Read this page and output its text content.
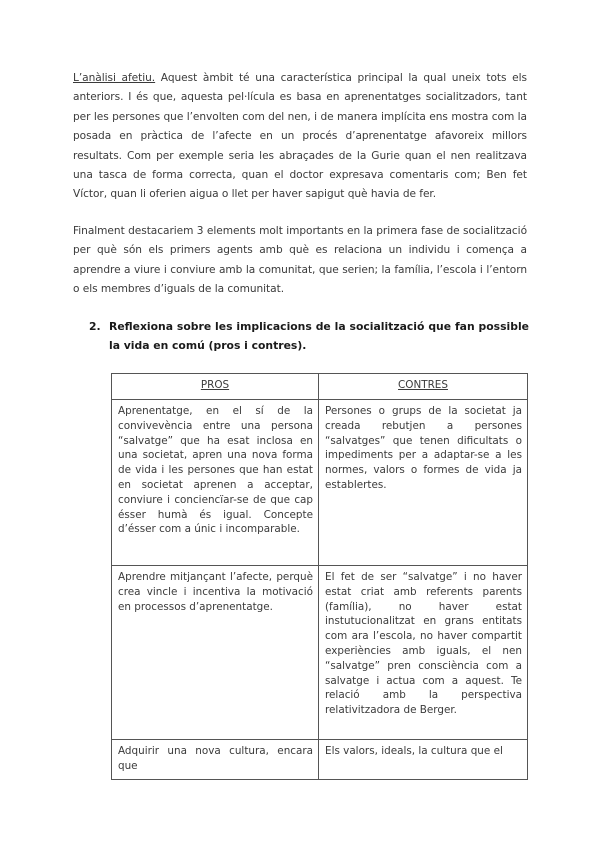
L’anàlisi afetiu. Aquest àmbit té una característica principal la qual uneix tots els anteriors. I és que, aquesta pel·lícula es basa en aprenentatges socialitzadors, tant per les persones que l’envolten com del nen, i de manera implícita ens mostra com la posada en pràctica de l’afecte en un procés d’aprenentatge afavoreix millors resultats. Com per exemple seria les abraçades de la Gurie quan el nen realitzava una tasca de forma correcta, quan el doctor expresava comentaris com; Ben fet Víctor, quan li oferien aigua o llet per haver sapigut què havia de fer.

Finalment destacariem 3 elements molt importants en la primera fase de socialització per què són els primers agents amb què es relaciona un individu i comença a aprendre a viure i conviure amb la comunitat, que serien; la família, l’escola i l’entorn o els membres d’iguals de la comunitat.

2. Reflexiona sobre les implicacions de la socialització que fan possible la vida en comú (pros i contres).
PROS	CONTRES
Aprenentatge, en el sí de la convivevència entre una persona “salvatge” que ha esat inclosa en una societat, apren una nova forma de vida i les persones que han estat en societat aprenen a acceptar, conviure i conciencïar-se de que cap ésser humà és igual. Concepte d’ésser com a únic i incomparable.	Persones o grups de la societat ja creada rebutjen a persones “salvatges” que tenen dificultats o impediments per a adaptar-se a les normes, valors o formes de vida ja establertes.
Aprendre mitjançant l’afecte, perquè crea vincle i incentiva la motivació en processos d’aprenentatge.	El fet de ser “salvatge” i no haver estat criat amb referents parents (família), no haver estat instutucionalitzat en grans entitats com ara l’escola, no haver compartit experiències amb iguals, el nen “salvatge” pren consciència com a salvatge i actua com a aquest. Te relació amb la perspectiva relativitzadora de Berger.
Adquirir una nova cultura, encara que	Els valors, ideals, la cultura que el
